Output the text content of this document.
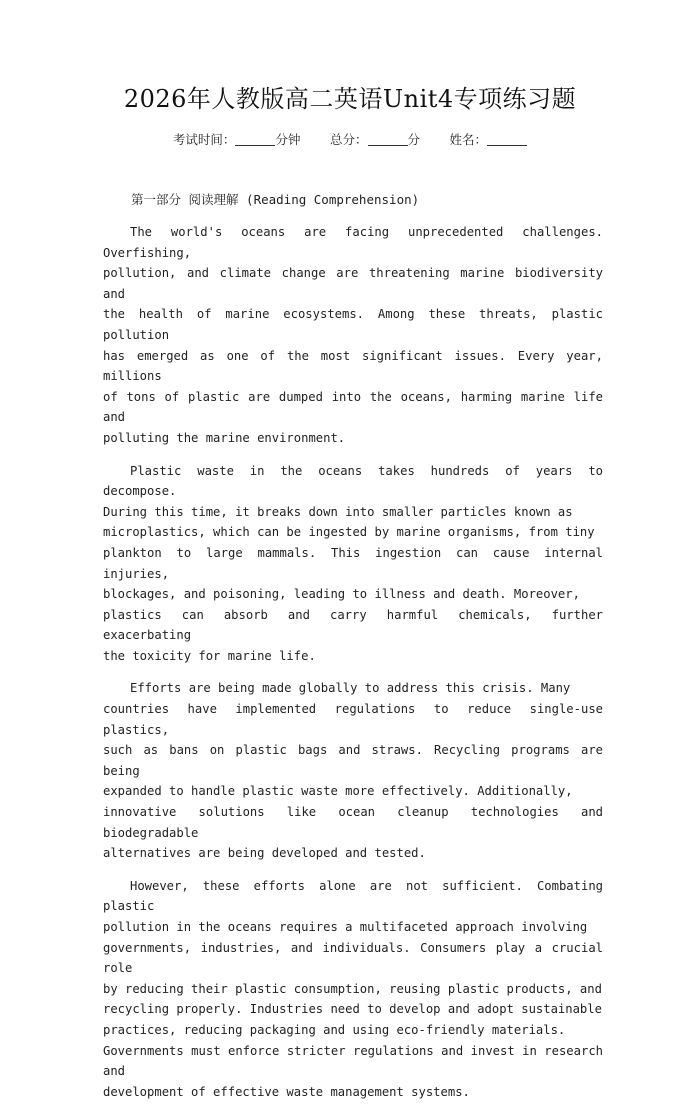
2026年人教版高二英语Unit4专项练习题
考试时间：	分钟 总分：	分 姓名：
第一部分 阅读理解 (Reading Comprehension)

The world's oceans are facing unprecedented challenges. Overfishing,
pollution, and climate change are threatening marine biodiversity and
the health of marine ecosystems. Among these threats, plastic pollution
has emerged as one of the most significant issues. Every year, millions
of tons of plastic are dumped into the oceans, harming marine life and
polluting the marine environment.

Plastic waste in the oceans takes hundreds of years to decompose.
During this time, it breaks down into smaller particles known as
microplastics, which can be ingested by marine organisms, from tiny
plankton to large mammals. This ingestion can cause internal injuries,
blockages, and poisoning, leading to illness and death. Moreover,
plastics can absorb and carry harmful chemicals, further exacerbating
the toxicity for marine life.

Efforts are being made globally to address this crisis. Many
countries have implemented regulations to reduce single-use plastics,
such as bans on plastic bags and straws. Recycling programs are being
expanded to handle plastic waste more effectively. Additionally,
innovative solutions like ocean cleanup technologies and biodegradable
alternatives are being developed and tested.

However, these efforts alone are not sufficient. Combating plastic
pollution in the oceans requires a multifaceted approach involving
governments, industries, and individuals. Consumers play a crucial role
by reducing their plastic consumption, reusing plastic products, and
recycling properly. Industries need to develop and adopt sustainable
practices, reducing packaging and using eco-friendly materials.
Governments must enforce stricter regulations and invest in research and
development of effective waste management systems.
